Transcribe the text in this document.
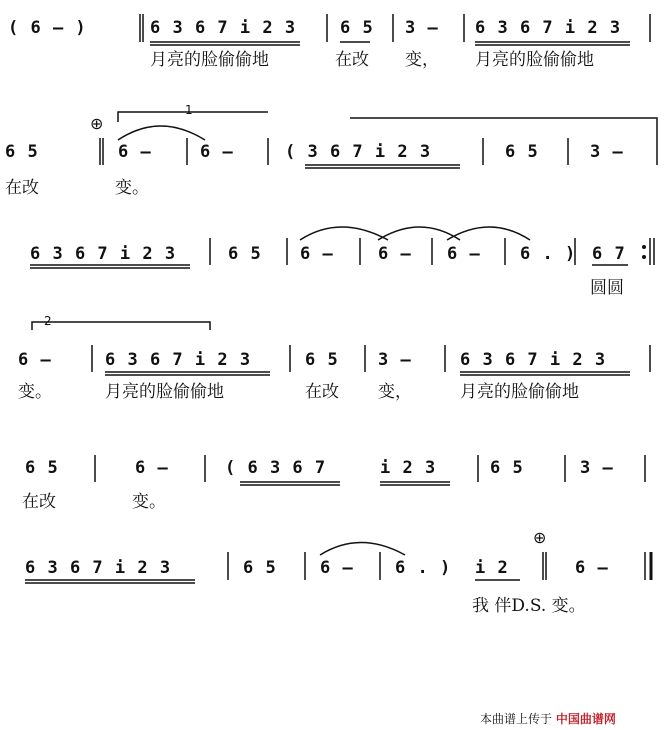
1
2
⊕
⊕
( 6 – )	6 3 6 7 i 2 3	6 5 3 – 6 3 6 7 i 2 3
月亮的脸偷偷地	在改 变， 月亮的脸偷偷地
6 5	6 –	6 –	( 3 6 7 i 2 3	6 5	3 –
在改	变。
6 3 6 7 i 2 3	6 5 6 –	6 – 6 – 6 . ) 6 7
圆圆
6 –	6 3 6 7 i 2 3	6 5 3 –	6 3 6 7 i 2 3
变。	月亮的脸偷偷地	在改 变，	月亮的脸偷偷地
6 5	6 –	( 6 3 6 7	i 2 3	6 5	3 –
在改	变。
6 3 6 7 i 2 3	6 5	6 – 6 . ) i 2	6 –
我 伴D.S. 变。
本曲谱上传于 中国曲谱网
